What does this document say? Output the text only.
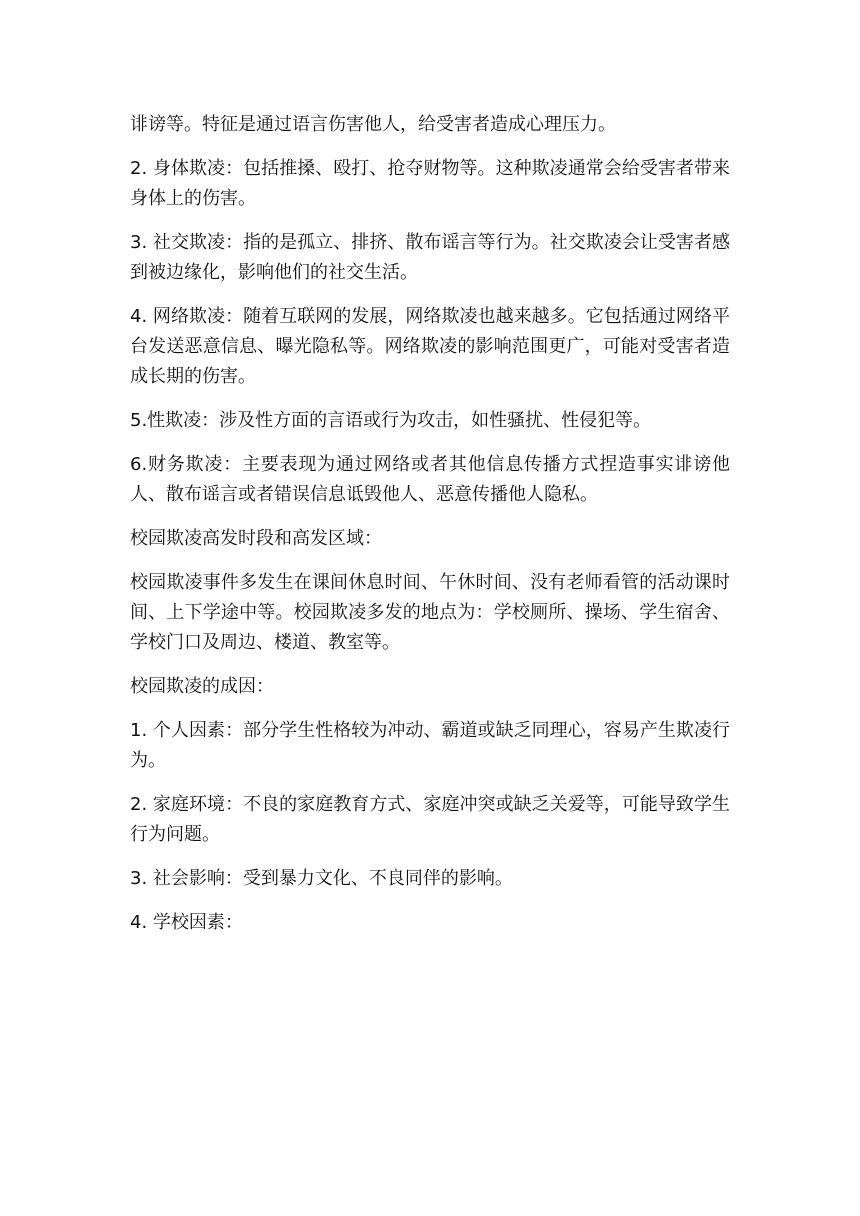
诽谤等。特征是通过语言伤害他人，给受害者造成心理压力。

2. 身体欺凌：包括推搡、殴打、抢夺财物等。这种欺凌通常会给受害者带来身体上的伤害。

3. 社交欺凌：指的是孤立、排挤、散布谣言等行为。社交欺凌会让受害者感到被边缘化，影响他们的社交生活。

4. 网络欺凌：随着互联网的发展，网络欺凌也越来越多。它包括通过网络平台发送恶意信息、曝光隐私等。网络欺凌的影响范围更广，可能对受害者造成长期的伤害。

5.性欺凌：涉及性方面的言语或行为攻击，如性骚扰、性侵犯等。

6.财务欺凌：主要表现为通过网络或者其他信息传播方式捏造事实诽谤他人、散布谣言或者错误信息诋毁他人、恶意传播他人隐私。

校园欺凌高发时段和高发区域：

校园欺凌事件多发生在课间休息时间、午休时间、没有老师看管的活动课时间、上下学途中等。校园欺凌多发的地点为：学校厕所、操场、学生宿舍、学校门口及周边、楼道、教室等。

校园欺凌的成因：

1. 个人因素：部分学生性格较为冲动、霸道或缺乏同理心，容易产生欺凌行为。

2. 家庭环境：不良的家庭教育方式、家庭冲突或缺乏关爱等，可能导致学生行为问题。

3. 社会影响：受到暴力文化、不良同伴的影响。

4. 学校因素：
